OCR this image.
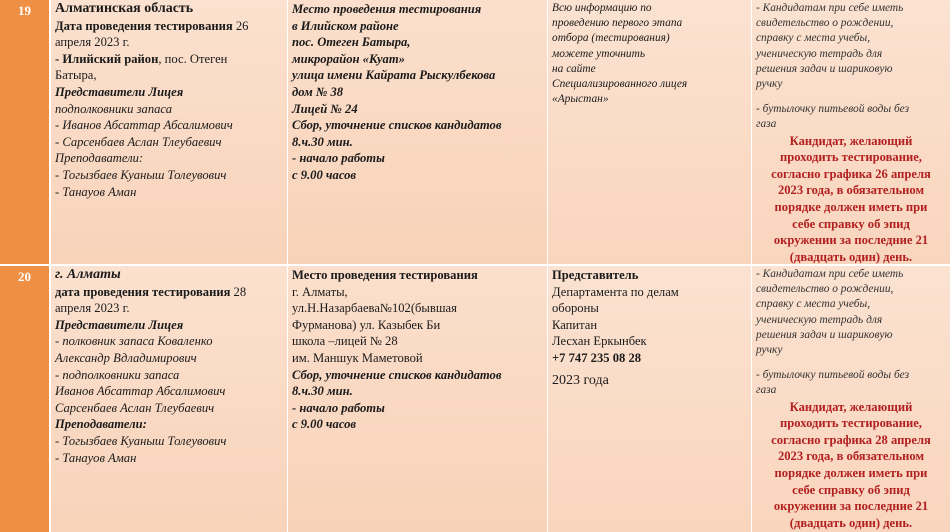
19	Алматинская область
Дата проведения тестирования 26
апреля 2023 г.
- Илийский район, пос. Отеген
Батыра,
Представители Лицея
подполковники запаса
- Иванов Абсаттар Абсалимович
- Сарсенбаев Аслан Тлеубаевич
Преподаватели:
- Тогызбаев Куаныш Толеувович
- Танауов Аман
Место проведения тестирования
в Илийском районе
пос. Отеген Батыра,
микрорайон «Куат»
улица имени Кайрата Рыскулбекова
дом № 38
Лицей № 24
Сбор, уточнение списков кандидатов
8.ч.30 мин.
- начало работы
с 9.00 часов
Всю информацию по
проведению первого этапа
отбора (тестирования)
можете уточнить
на сайте
Специализированного лицея
«Арыстан»
- Кандидатам при себе иметь
свидетельство о рождении,
справку с места учебы,
ученическую тетрадь для
решения задач и шариковую
ручку
- бутылочку питьевой воды без
газа
Кандидат, желающий
проходить тестирование,
согласно графика 26 апреля
2023 года, в обязательном
порядке должен иметь при
себе справку об эпид
окружении за последние 21
(двадцать один) день.
20	г. Алматы
дата проведения тестирования 28
апреля 2023 г.
Представители Лицея
- полковник запаса Коваленко
Александр Вдладимирович
- подполковники запаса
Иванов Абсаттар Абсалимович
Сарсенбаев Аслан Тлеубаевич
Преподаватели:
- Тогызбаев Куаныш Толеувович
- Танауов Аман
Место проведения тестирования
г. Алматы,
ул.Н.Назарбаева№102(бывшая
Фурманова) ул. Казыбек Би
школа –лицей № 28
им. Маншук Маметовой
Сбор, уточнение списков кандидатов
8.ч.30 мин.
- начало работы
с 9.00 часов
Представитель
Департамента по делам
обороны
Капитан
Лесхан Еркынбек
+7 747 235 08 28
2023 года
- Кандидатам при себе иметь
свидетельство о рождении,
справку с места учебы,
ученическую тетрадь для
решения задач и шариковую
ручку
- бутылочку питьевой воды без
газа
Кандидат, желающий
проходить тестирование,
согласно графика 28 апреля
2023 года, в обязательном
порядке должен иметь при
себе справку об эпид
окружении за последние 21
(двадцать один) день.
